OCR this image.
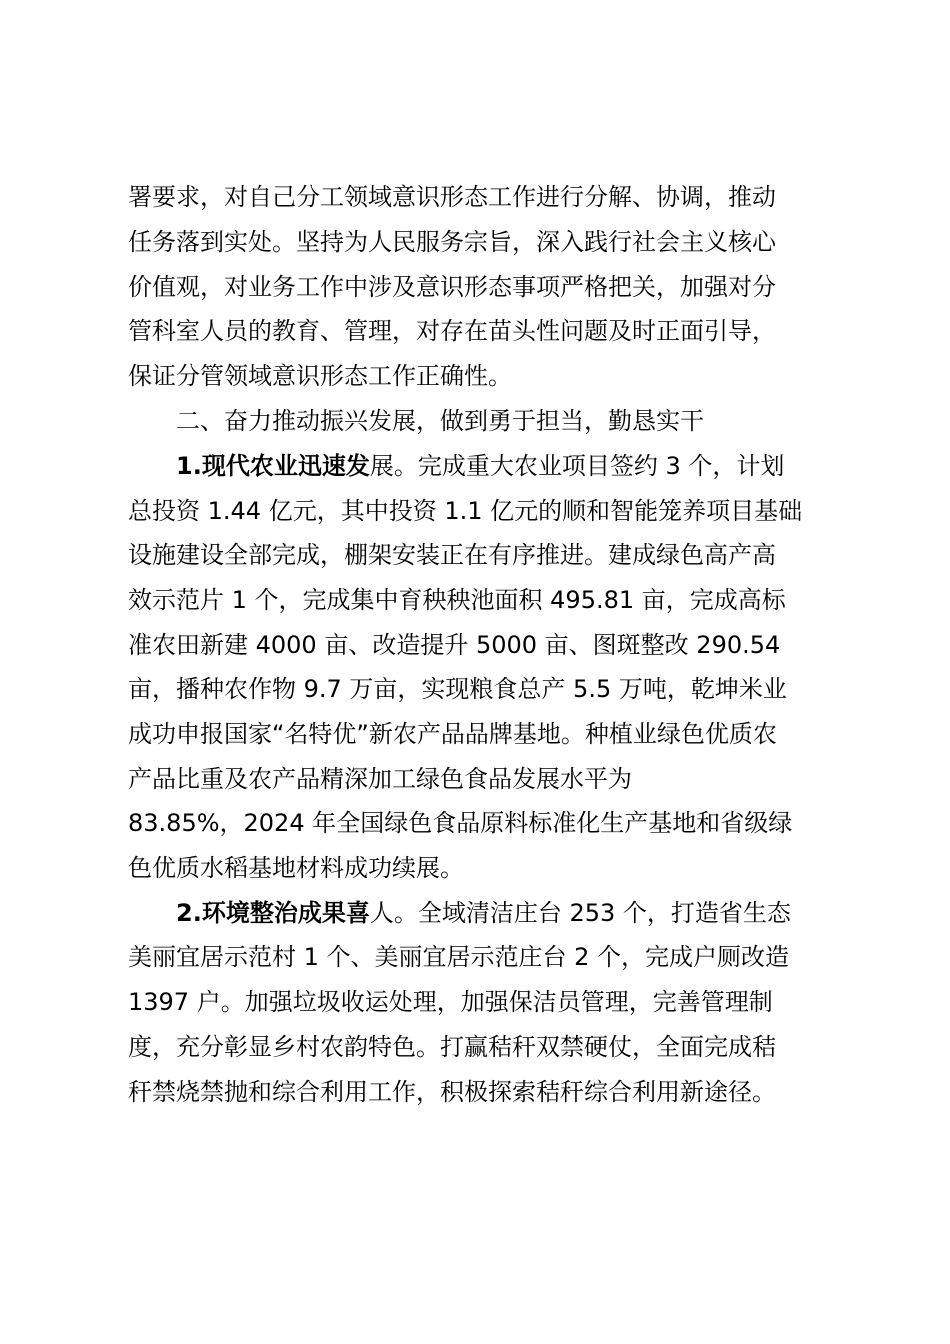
署要求，对自己分工领域意识形态工作进行分解、协调，推动

任务落到实处。坚持为人民服务宗旨，深入践行社会主义核心

价值观，对业务工作中涉及意识形态事项严格把关，加强对分

管科室人员的教育、管理，对存在苗头性问题及时正面引导，

保证分管领域意识形态工作正确性。

二、奋力推动振兴发展，做到勇于担当，勤恳实干

1.现代农业迅速发展。完成重大农业项目签约 3 个，计划

总投资 1.44 亿元，其中投资 1.1 亿元的顺和智能笼养项目基础

设施建设全部完成，棚架安装正在有序推进。建成绿色高产高

效示范片 1 个，完成集中育秧秧池面积 495.81 亩，完成高标

准农田新建 4000 亩、改造提升 5000 亩、图斑整改 290.54

亩，播种农作物 9.7 万亩，实现粮食总产 5.5 万吨，乾坤米业

成功申报国家“名特优”新农产品品牌基地。种植业绿色优质农

产品比重及农产品精深加工绿色食品发展水平为

83.85%，2024 年全国绿色食品原料标准化生产基地和省级绿

色优质水稻基地材料成功续展。

2.环境整治成果喜人。全域清洁庄台 253 个，打造省生态

美丽宜居示范村 1 个、美丽宜居示范庄台 2 个，完成户厕改造

1397 户。加强垃圾收运处理，加强保洁员管理，完善管理制

度，充分彰显乡村农韵特色。打赢秸秆双禁硬仗，全面完成秸

秆禁烧禁抛和综合利用工作，积极探索秸秆综合利用新途径。
